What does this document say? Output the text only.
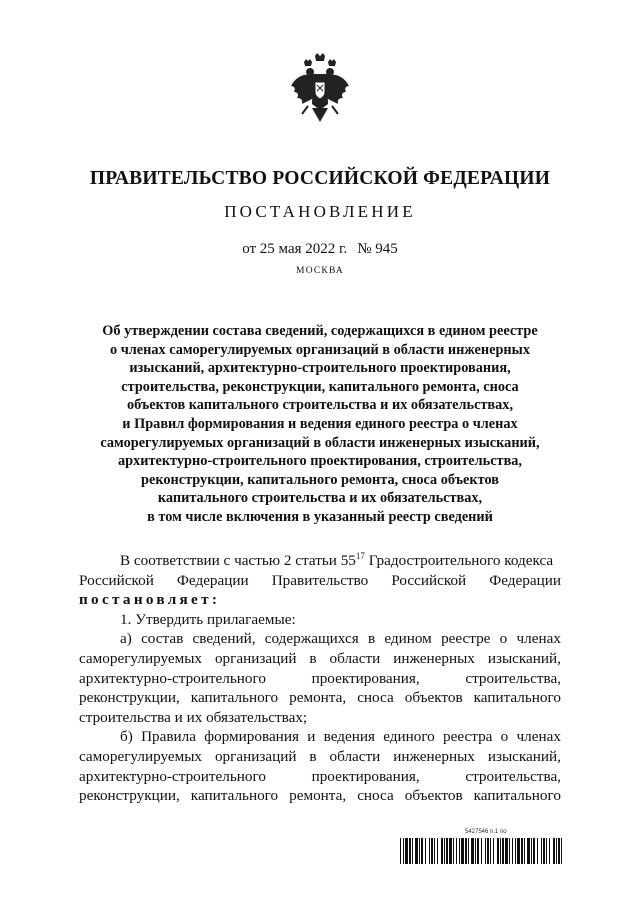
ПРАВИТЕЛЬСТВО РОССИЙСКОЙ ФЕДЕРАЦИИ
ПОСТАНОВЛЕНИЕ
от 25 мая 2022 г. № 945
МОСКВА
Об утверждении состава сведений, содержащихся в едином реестре
о членах саморегулируемых организаций в области инженерных
изысканий, архитектурно-строительного проектирования,
строительства, реконструкции, капитального ремонта, сноса
объектов капитального строительства и их обязательствах,
и Правил формирования и ведения единого реестра о членах
саморегулируемых организаций в области инженерных изысканий,
архитектурно-строительного проектирования, строительства,
реконструкции, капитального ремонта, сноса объектов
капитального строительства и их обязательствах,
в том числе включения в указанный реестр сведений
В соответствии с частью 2 статьи $55^{17}$ Градостроительного кодекса
Российской Федерации Правительство Российской Федерации
постановляет:
1. Утвердить прилагаемые:
а) состав сведений, содержащихся в едином реестре о членах
саморегулируемых организаций в области инженерных изысканий,
архитектурно-строительного	проектирования,	строительства,
реконструкции, капитального ремонта, сноса объектов капитального
строительства и их обязательствах;
б) Правила формирования и ведения единого реестра о членах
саморегулируемых организаций в области инженерных изысканий,
архитектурно-строительного	проектирования,	строительства,
реконструкции, капитального ремонта, сноса объектов капитального
5427546 п.1 по
